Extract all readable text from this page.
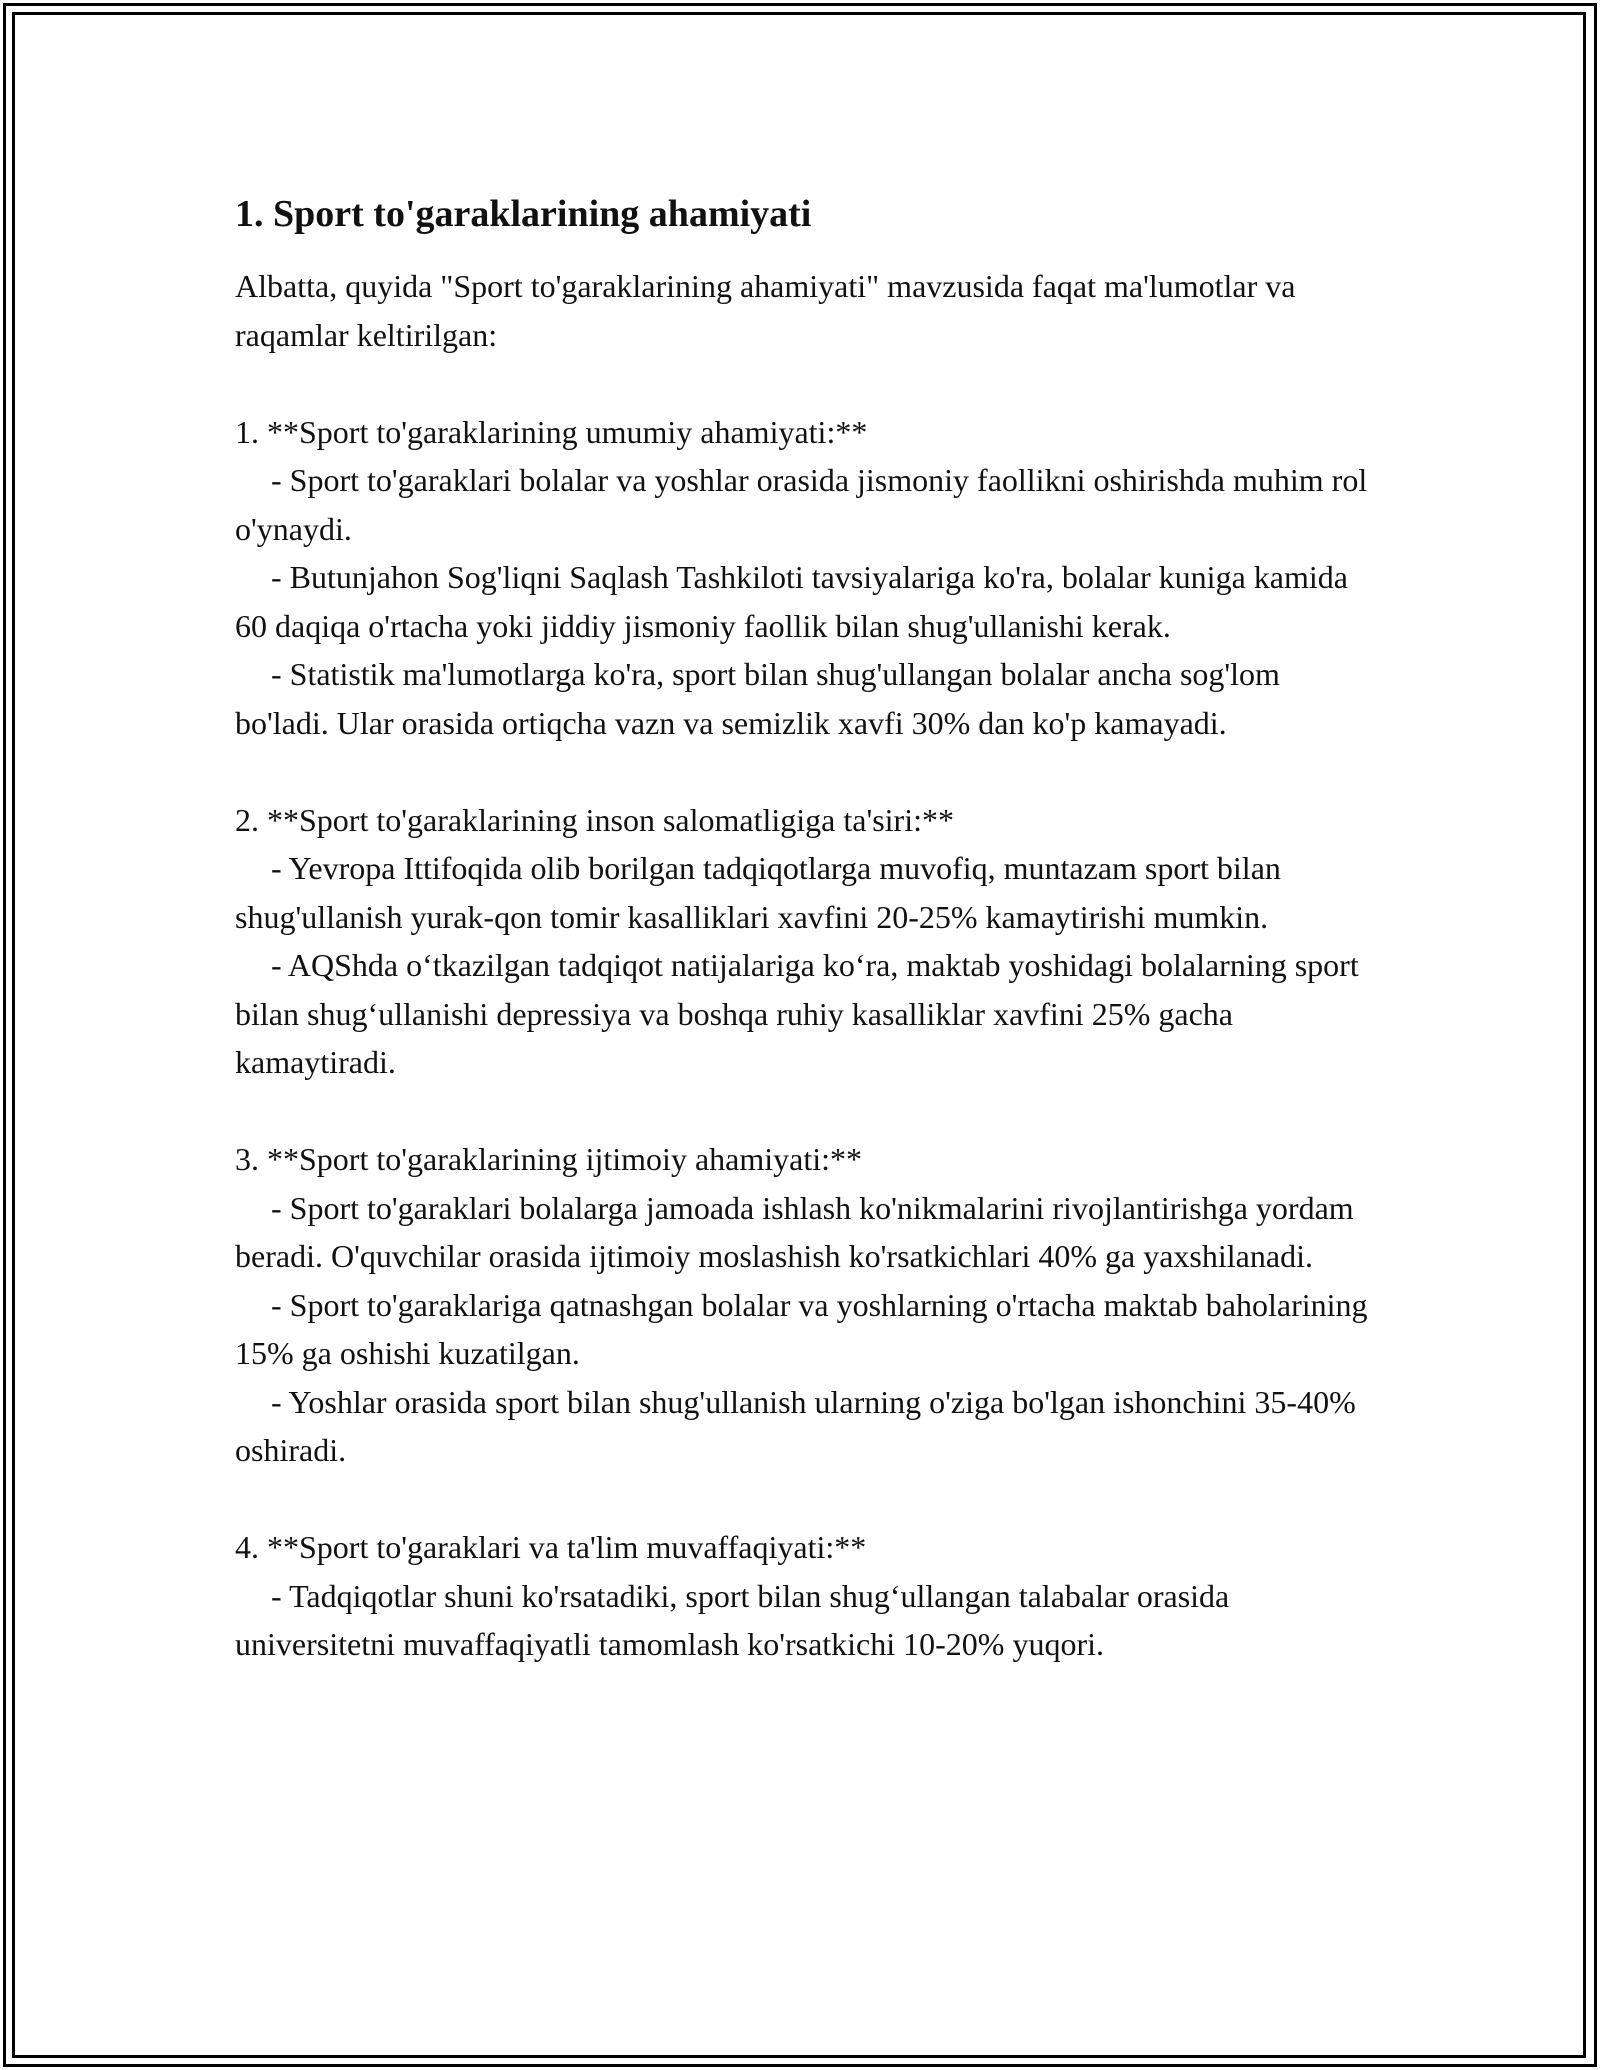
1. Sport to'garaklarining ahamiyati

Albatta, quyida "Sport to'garaklarining ahamiyati" mavzusida faqat ma'lumotlar va raqamlar keltirilgan:

1. **Sport to'garaklarining umumiy ahamiyati:**

- Sport to'garaklari bolalar va yoshlar orasida jismoniy faollikni oshirishda muhim rol o'ynaydi.

- Butunjahon Sog'liqni Saqlash Tashkiloti tavsiyalariga ko'ra, bolalar kuniga kamida 60 daqiqa o'rtacha yoki jiddiy jismoniy faollik bilan shug'ullanishi kerak.

- Statistik ma'lumotlarga ko'ra, sport bilan shug'ullangan bolalar ancha sog'lom bo'ladi. Ular orasida ortiqcha vazn va semizlik xavfi 30% dan ko'p kamayadi.

2. **Sport to'garaklarining inson salomatligiga ta'siri:**

- Yevropa Ittifoqida olib borilgan tadqiqotlarga muvofiq, muntazam sport bilan shug'ullanish yurak-qon tomir kasalliklari xavfini 20-25% kamaytirishi mumkin.

- AQShda o‘tkazilgan tadqiqot natijalariga ko‘ra, maktab yoshidagi bolalarning sport bilan shug‘ullanishi depressiya va boshqa ruhiy kasalliklar xavfini 25% gacha kamaytiradi.

3. **Sport to'garaklarining ijtimoiy ahamiyati:**

- Sport to'garaklari bolalarga jamoada ishlash ko'nikmalarini rivojlantirishga yordam beradi. O'quvchilar orasida ijtimoiy moslashish ko'rsatkichlari 40% ga yaxshilanadi.

- Sport to'garaklariga qatnashgan bolalar va yoshlarning o'rtacha maktab baholarining 15% ga oshishi kuzatilgan.

- Yoshlar orasida sport bilan shug'ullanish ularning o'ziga bo'lgan ishonchini 35-40% oshiradi.

4. **Sport to'garaklari va ta'lim muvaffaqiyati:**

- Tadqiqotlar shuni ko'rsatadiki, sport bilan shug‘ullangan talabalar orasida universitetni muvaffaqiyatli tamomlash ko'rsatkichi 10-20% yuqori.
